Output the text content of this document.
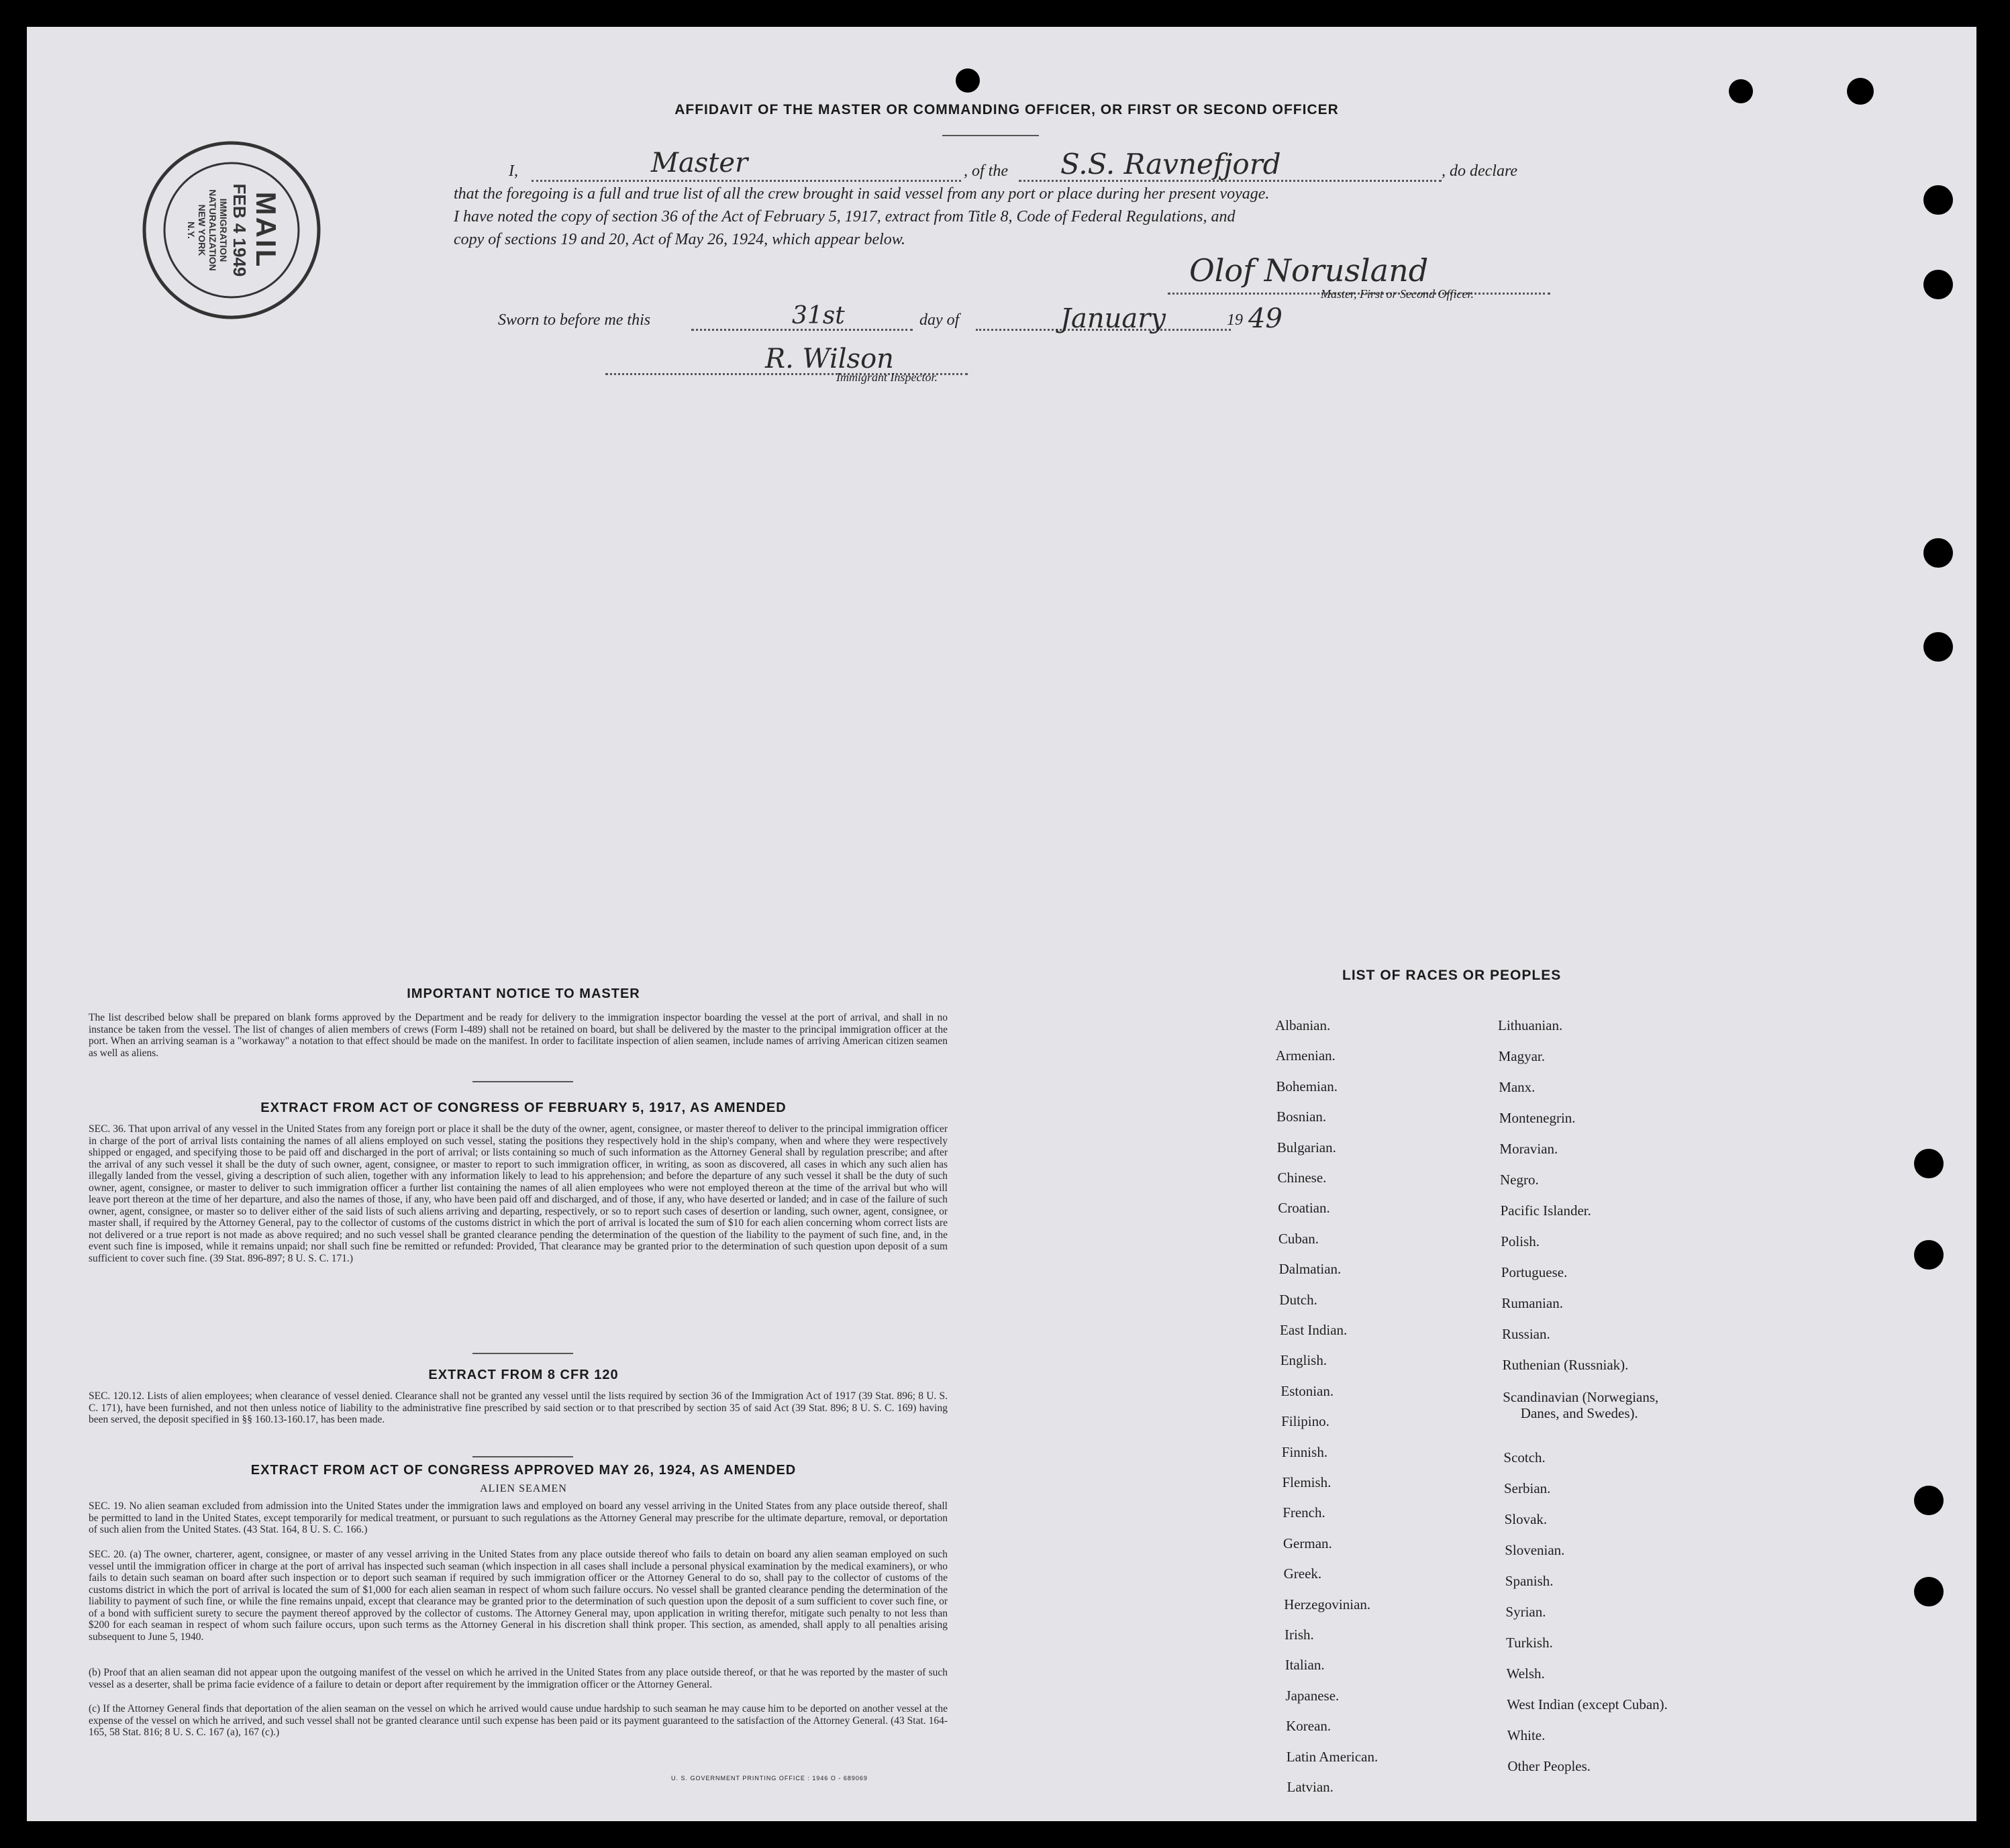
MAIL
FEB 4 1949
IMMIGRATION
NATURALIZATION
NEW YORK
N.Y.
AFFIDAVIT OF THE MASTER OR COMMANDING OFFICER, OR FIRST OR SECOND OFFICER
I,	Master	, of the S.S. Ravnefjord	, do declare
that the foregoing is a full and true list of all the crew brought in said vessel from any port or place during her present voyage.
I have noted the copy of section 36 of the Act of February 5, 1917, extract from Title 8, Code of Federal Regulations, and
copy of sections 19 and 20, Act of May 26, 1924, which appear below.
Olof Norusland
Master, First or Second Officer.
Sworn to before me this	31st	day of	January	19 49
R. Wilson
Immigrant Inspector.
IMPORTANT NOTICE TO MASTER
The list described below shall be prepared on blank forms approved by the Department and be ready for delivery to the immigration inspector boarding the vessel at the port of arrival, and shall in no instance be taken from the vessel. The list of changes of alien members of crews (Form I-489) shall not be retained on board, but shall be delivered by the master to the principal immigration officer at the port. When an arriving seaman is a "workaway" a notation to that effect should be made on the manifest. In order to facilitate inspection of alien seamen, include names of arriving American citizen seamen as well as aliens.
EXTRACT FROM ACT OF CONGRESS OF FEBRUARY 5, 1917, AS AMENDED
SEC. 36. That upon arrival of any vessel in the United States from any foreign port or place it shall be the duty of the owner, agent, consignee, or master thereof to deliver to the principal immigration officer in charge of the port of arrival lists containing the names of all aliens employed on such vessel, stating the positions they respectively hold in the ship's company, when and where they were respectively shipped or engaged, and specifying those to be paid off and discharged in the port of arrival; or lists containing so much of such information as the Attorney General shall by regulation prescribe; and after the arrival of any such vessel it shall be the duty of such owner, agent, consignee, or master to report to such immigration officer, in writing, as soon as discovered, all cases in which any such alien has illegally landed from the vessel, giving a description of such alien, together with any information likely to lead to his apprehension; and before the departure of any such vessel it shall be the duty of such owner, agent, consignee, or master to deliver to such immigration officer a further list containing the names of all alien employees who were not employed thereon at the time of the arrival but who will leave port thereon at the time of her departure, and also the names of those, if any, who have been paid off and discharged, and of those, if any, who have deserted or landed; and in case of the failure of such owner, agent, consignee, or master so to deliver either of the said lists of such aliens arriving and departing, respectively, or so to report such cases of desertion or landing, such owner, agent, consignee, or master shall, if required by the Attorney General, pay to the collector of customs of the customs district in which the port of arrival is located the sum of $10 for each alien concerning whom correct lists are not delivered or a true report is not made as above required; and no such vessel shall be granted clearance pending the determination of the question of the liability to the payment of such fine, and, in the event such fine is imposed, while it remains unpaid; nor shall such fine be remitted or refunded: Provided, That clearance may be granted prior to the determination of such question upon deposit of a sum sufficient to cover such fine. (39 Stat. 896-897; 8 U. S. C. 171.)
EXTRACT FROM 8 CFR 120
SEC. 120.12. Lists of alien employees; when clearance of vessel denied. Clearance shall not be granted any vessel until the lists required by section 36 of the Immigration Act of 1917 (39 Stat. 896; 8 U. S. C. 171), have been furnished, and not then unless notice of liability to the administrative fine prescribed by said section or to that prescribed by section 35 of said Act (39 Stat. 896; 8 U. S. C. 169) having been served, the deposit specified in §§ 160.13-160.17, has been made.
EXTRACT FROM ACT OF CONGRESS APPROVED MAY 26, 1924, AS AMENDED
ALIEN SEAMEN
SEC. 19. No alien seaman excluded from admission into the United States under the immigration laws and employed on board any vessel arriving in the United States from any place outside thereof, shall be permitted to land in the United States, except temporarily for medical treatment, or pursuant to such regulations as the Attorney General may prescribe for the ultimate departure, removal, or deportation of such alien from the United States. (43 Stat. 164, 8 U. S. C. 166.)
SEC. 20. (a) The owner, charterer, agent, consignee, or master of any vessel arriving in the United States from any place outside thereof who fails to detain on board any alien seaman employed on such vessel until the immigration officer in charge at the port of arrival has inspected such seaman (which inspection in all cases shall include a personal physical examination by the medical examiners), or who fails to detain such seaman on board after such inspection or to deport such seaman if required by such immigration officer or the Attorney General to do so, shall pay to the collector of customs of the customs district in which the port of arrival is located the sum of $1,000 for each alien seaman in respect of whom such failure occurs. No vessel shall be granted clearance pending the determination of the liability to payment of such fine, or while the fine remains unpaid, except that clearance may be granted prior to the determination of such question upon the deposit of a sum sufficient to cover such fine, or of a bond with sufficient surety to secure the payment thereof approved by the collector of customs. The Attorney General may, upon application in writing therefor, mitigate such penalty to not less than $200 for each seaman in respect of whom such failure occurs, upon such terms as the Attorney General in his discretion shall think proper. This section, as amended, shall apply to all penalties arising subsequent to June 5, 1940.
(b) Proof that an alien seaman did not appear upon the outgoing manifest of the vessel on which he arrived in the United States from any place outside thereof, or that he was reported by the master of such vessel as a deserter, shall be prima facie evidence of a failure to detain or deport after requirement by the immigration officer or the Attorney General.
(c) If the Attorney General finds that deportation of the alien seaman on the vessel on which he arrived would cause undue hardship to such seaman he may cause him to be deported on another vessel at the expense of the vessel on which he arrived, and such vessel shall not be granted clearance until such expense has been paid or its payment guaranteed to the satisfaction of the Attorney General. (43 Stat. 164-165, 58 Stat. 816; 8 U. S. C. 167 (a), 167 (c).)
U. S. GOVERNMENT PRINTING OFFICE : 1946 O - 689069
LIST OF RACES OR PEOPLES
Albanian.
Armenian.
Bohemian.
Bosnian.
Bulgarian.
Chinese.
Croatian.
Cuban.
Dalmatian.
Dutch.
East Indian.
English.
Estonian.
Filipino.
Finnish.
Flemish.
French.
German.
Greek.
Herzegovinian.
Irish.
Italian.
Japanese.
Korean.
Latin American.
Latvian.
Lithuanian.
Magyar.
Manx.
Montenegrin.
Moravian.
Negro.
Pacific Islander.
Polish.
Portuguese.
Rumanian.
Russian.
Ruthenian (Russniak).
Scandinavian (Norwegians,
Danes, and Swedes).
Scotch.
Serbian.
Slovak.
Slovenian.
Spanish.
Syrian.
Turkish.
Welsh.
West Indian (except Cuban).
White.
Other Peoples.
